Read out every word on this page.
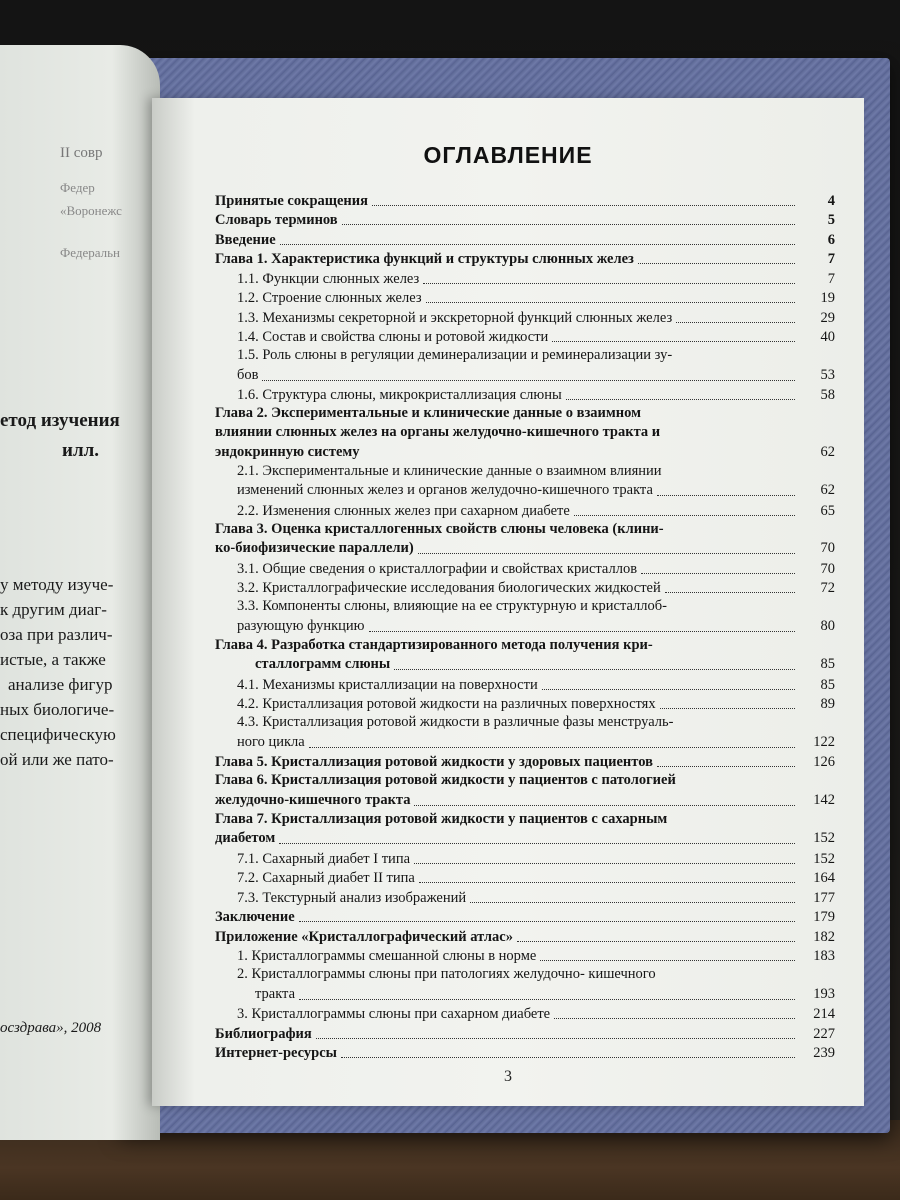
II совр
Федер
«Воронежс
Федеральн
етод изучения
илл.
у методу изуче-
к другим диаг-
оза при различ-
истые, а также
анализе фигур
ных биологиче-
специфическую
ой или же пато-
осздрава», 2008
ОГЛАВЛЕНИЕ
Принятые сокращения	4
Словарь терминов	5
Введение	6
Глава 1. Характеристика функций и структуры слюнных желез	7
1.1. Функции слюнных желез	7
1.2. Строение слюнных желез	19
1.3. Механизмы секреторной и экскреторной функций слюнных желез	29
1.4. Состав и свойства слюны и ротовой жидкости	40
1.5. Роль слюны в регуляции деминерализации и реминерализации зу-
бов	53
1.6. Структура слюны, микрокристаллизация слюны	58
Глава 2. Экспериментальные и клинические данные о взаимном
влиянии слюнных желез на органы желудочно-кишечного тракта и
эндокринную систему	62
2.1. Экспериментальные и клинические данные о взаимном влиянии
изменений слюнных желез и органов желудочно-кишечного тракта	62
2.2. Изменения слюнных желез при сахарном диабете	65
Глава 3. Оценка кристаллогенных свойств слюны человека (клини-
ко-биофизические параллели)	70
3.1. Общие сведения о кристаллографии и свойствах кристаллов	70
3.2. Кристаллографические исследования биологических жидкостей	72
3.3. Компоненты слюны, влияющие на ее структурную и кристаллоб-
разующую функцию	80
Глава 4. Разработка стандартизированного метода получения кри-
сталлограмм слюны	85
4.1. Механизмы кристаллизации на поверхности	85
4.2. Кристаллизация ротовой жидкости на различных поверхностях	89
4.3. Кристаллизация ротовой жидкости в различные фазы менструаль-
ного цикла	122
Глава 5. Кристаллизация ротовой жидкости у здоровых пациентов	126
Глава 6. Кристаллизация ротовой жидкости у пациентов с патологией
желудочно-кишечного тракта	142
Глава 7. Кристаллизация ротовой жидкости у пациентов с сахарным
диабетом	152
7.1. Сахарный диабет I типа	152
7.2. Сахарный диабет II типа	164
7.3. Текстурный анализ изображений	177
Заключение	179
Приложение «Кристаллографический атлас»	182
1. Кристаллограммы смешанной слюны в норме	183
2. Кристаллограммы слюны при патологиях желудочно- кишечного
тракта	193
3. Кристаллограммы слюны при сахарном диабете	214
Библиография	227
Интернет-ресурсы	239
3
